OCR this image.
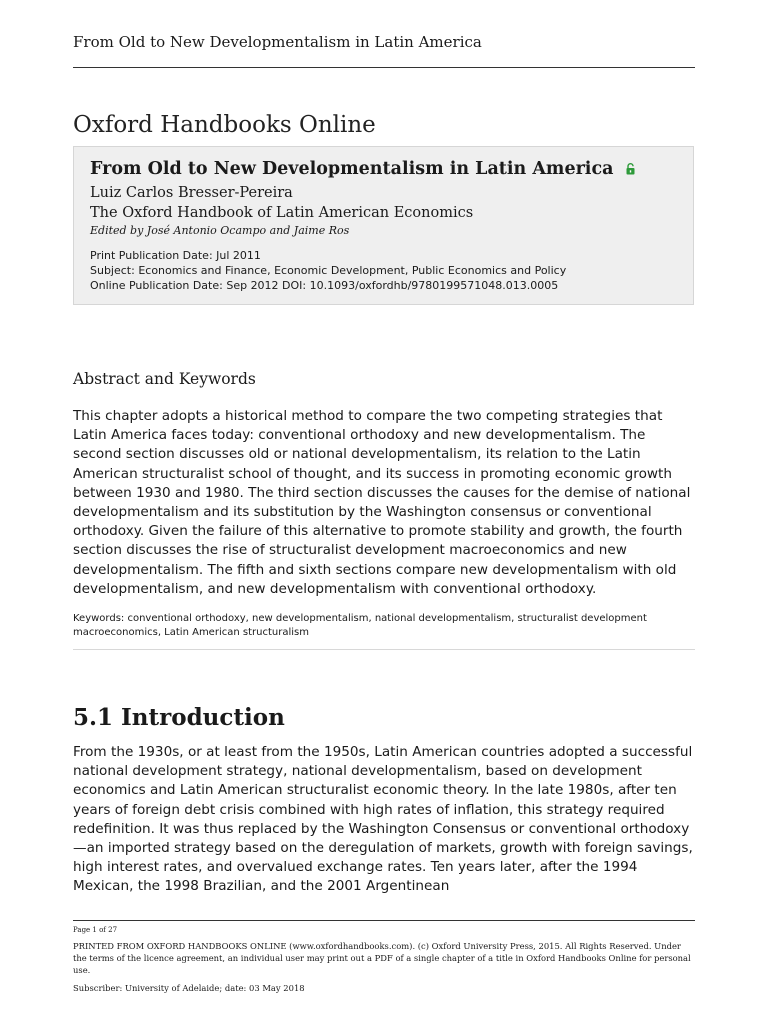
From Old to New Developmentalism in Latin America
Oxford Handbooks Online
From Old to New Developmentalism in Latin America
Luiz Carlos Bresser-Pereira
The Oxford Handbook of Latin American Economics
Edited by José Antonio Ocampo and Jaime Ros
Print Publication Date: Jul 2011
Subject: Economics and Finance, Economic Development, Public Economics and Policy
Online Publication Date: Sep 2012 DOI: 10.1093/oxfordhb/9780199571048.013.0005
Abstract and Keywords

This chapter adopts a historical method to compare the two competing strategies that Latin America faces today: conventional orthodoxy and new developmentalism. The second section discusses old or national developmentalism, its relation to the Latin American structuralist school of thought, and its success in promoting economic growth between 1930 and 1980. The third section discusses the causes for the demise of national developmentalism and its substitution by the Washington consensus or conventional orthodoxy. Given the failure of this alternative to promote stability and growth, the fourth section discusses the rise of structuralist development macroeconomics and new developmentalism. The fifth and sixth sections compare new developmentalism with old developmentalism, and new developmentalism with conventional orthodoxy.

Keywords: conventional orthodoxy, new developmentalism, national developmentalism, structuralist development macroeconomics, Latin American structuralism

5.1 Introduction

From the 1930s, or at least from the 1950s, Latin American countries adopted a successful national development strategy, national developmentalism, based on development economics and Latin American structuralist economic theory. In the late 1980s, after ten years of foreign debt crisis combined with high rates of inflation, this strategy required redefinition. It was thus replaced by the Washington Consensus or conventional orthodoxy—an imported strategy based on the deregulation of markets, growth with foreign savings, high interest rates, and overvalued exchange rates. Ten years later, after the 1994 Mexican, the 1998 Brazilian, and the 2001 Argentinean

Page 1 of 27

PRINTED FROM OXFORD HANDBOOKS ONLINE (www.oxfordhandbooks.com). (c) Oxford University Press, 2015. All Rights Reserved. Under the terms of the licence agreement, an individual user may print out a PDF of a single chapter of a title in Oxford Handbooks Online for personal use.

Subscriber: University of Adelaide; date: 03 May 2018
